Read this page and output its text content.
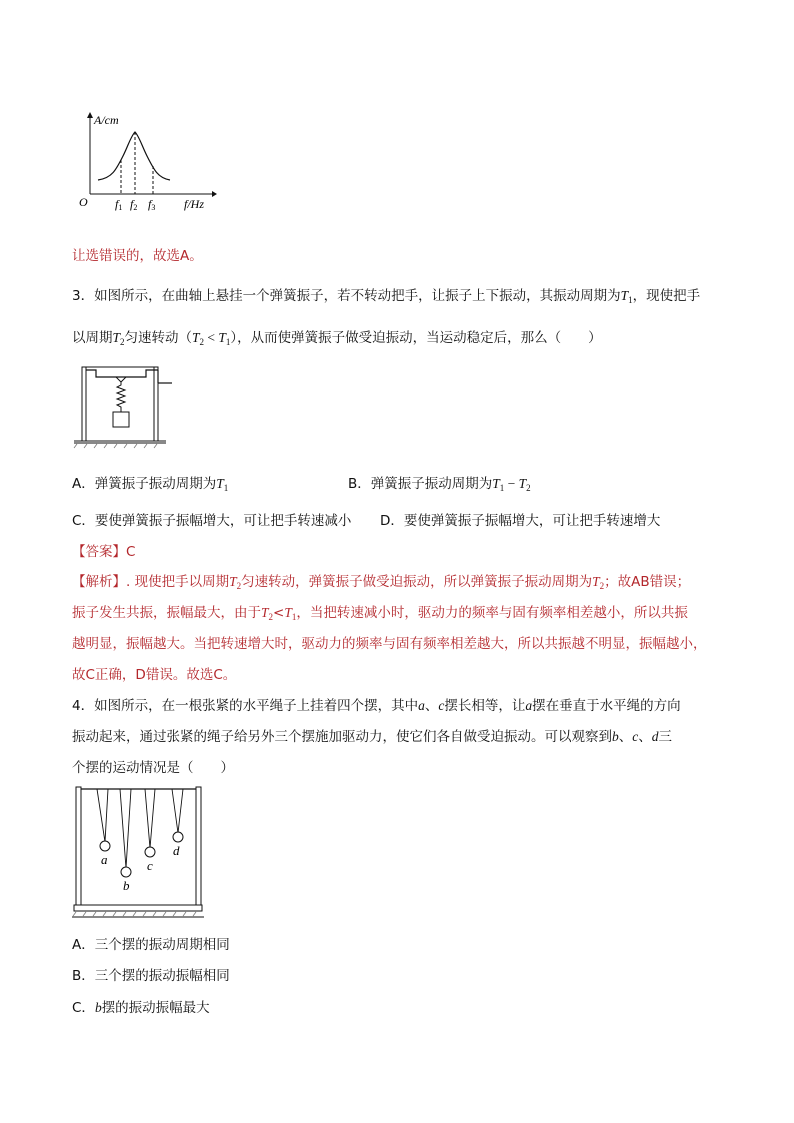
A/cm
O f1 f2 f3 f/Hz
让选错误的，故选A。
3．如图所示，在曲轴上悬挂一个弹簧振子，若不转动把手，让振子上下振动，其振动周期为$T_1$，现使把手
以周期$T_2$匀速转动$(T_2 < T_1)$，从而使弹簧振子做受迫振动，当运动稳定后，那么（　　）
A．弹簧振子振动周期为$T_1$	B．弹簧振子振动周期为$T_1 - T_2$
C．要使弹簧振子振幅增大，可让把手转速减小 D．要使弹簧振子振幅增大，可让把手转速增大
【答案】C
【解析】. 现使把手以周期$T_2$匀速转动，弹簧振子做受迫振动，所以弹簧振子振动周期为$T_2$；故AB错误；
振子发生共振，振幅最大，由于$T_2<T_1$，当把转速减小时，驱动力的频率与固有频率相差越小，所以共振
越明显，振幅越大。当把转速增大时，驱动力的频率与固有频率相差越大，所以共振越不明显，振幅越小，
故C正确，D错误。故选C。
4．如图所示，在一根张紧的水平绳子上挂着四个摆，其中a、c摆长相等，让a摆在垂直于水平绳的方向
振动起来，通过张紧的绳子给另外三个摆施加驱动力，使它们各自做受迫振动。可以观察到b、c、d三
个摆的运动情况是（　　）
a
b
c
d
A．三个摆的振动周期相同
B．三个摆的振动振幅相同
C．b摆的振动振幅最大
